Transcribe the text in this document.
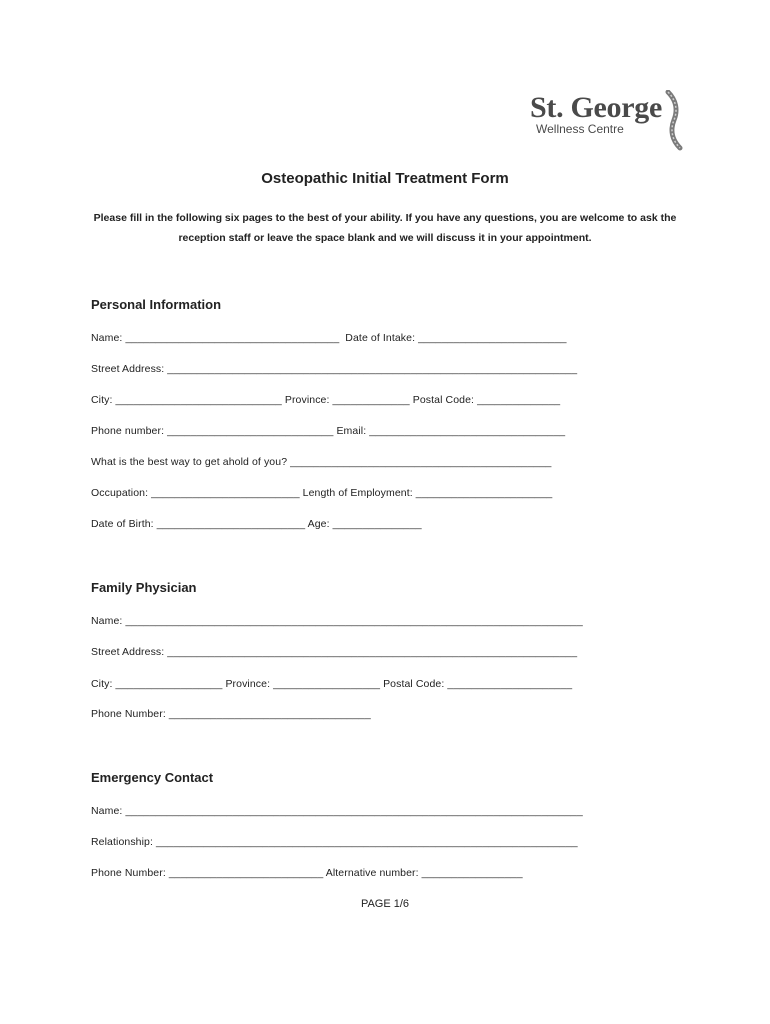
St. George
Wellness Centre
Osteopathic Initial Treatment Form
Please fill in the following six pages to the best of your ability. If you have any questions, you are welcome to ask the reception staff or leave the space blank and we will discuss it in your appointment.
Personal Information
Name: ____________________________________  Date of Intake: _________________________
Street Address: _____________________________________________________________________
City: ____________________________ Province: _____________ Postal Code: ______________
Phone number: ____________________________ Email: _________________________________
What is the best way to get ahold of you? ____________________________________________
Occupation: _________________________ Length of Employment: _______________________
Date of Birth: _________________________ Age: _______________
Family Physician
Name: _____________________________________________________________________________
Street Address: _____________________________________________________________________
City: __________________ Province: __________________ Postal Code: _____________________
Phone Number: __________________________________
Emergency Contact
Name: _____________________________________________________________________________
Relationship: _______________________________________________________________________
Phone Number: __________________________ Alternative number: _________________
PAGE 1/6
